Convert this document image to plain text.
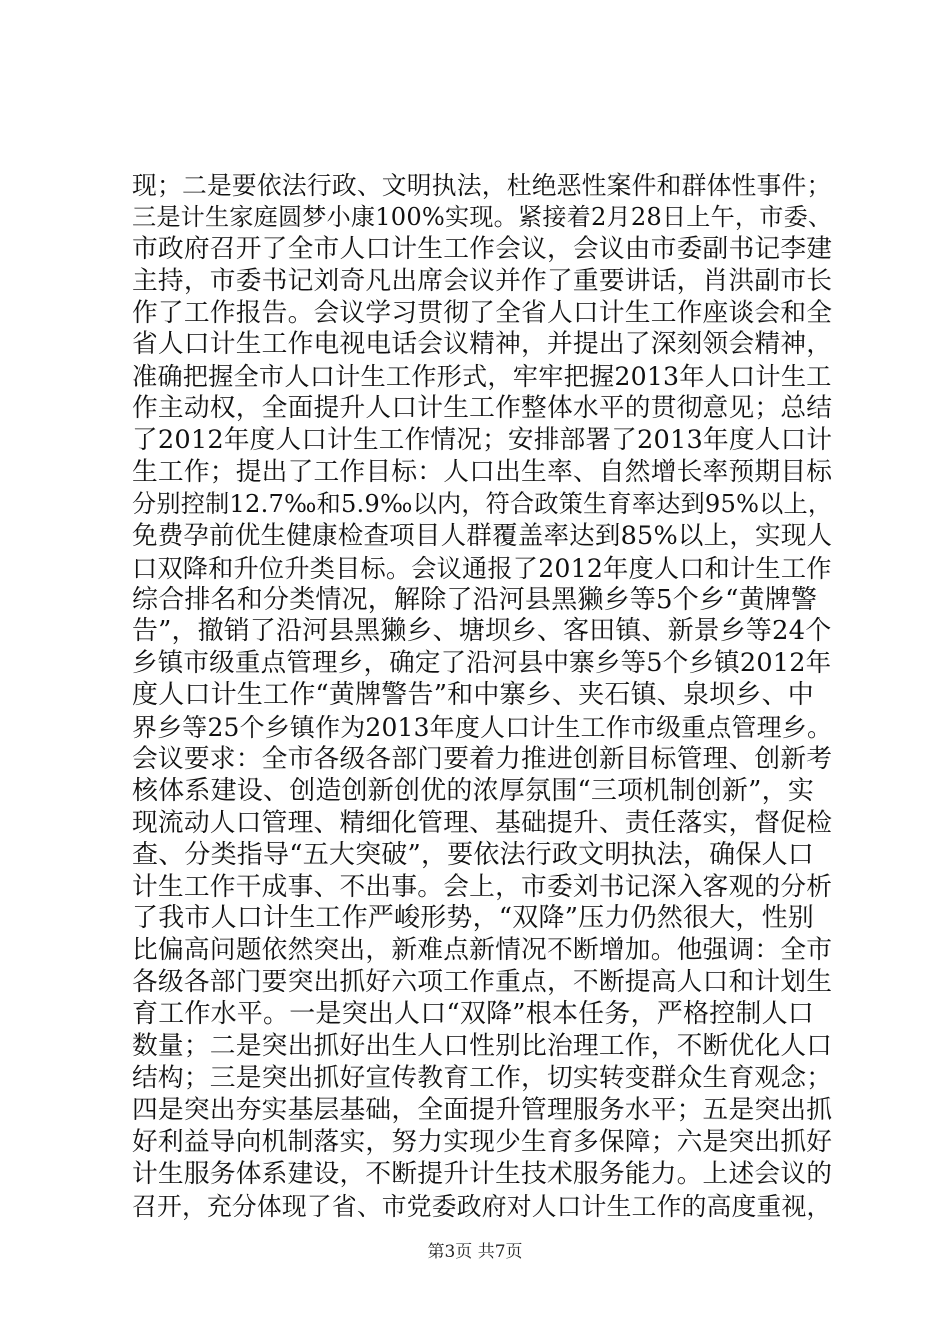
现；二是要依法行政、文明执法，杜绝恶性案件和群体性事件；
三是计生家庭圆梦小康100%实现。紧接着2月28日上午，市委、
市政府召开了全市人口计生工作会议，会议由市委副书记李建
主持，市委书记刘奇凡出席会议并作了重要讲话，肖洪副市长
作了工作报告。会议学习贯彻了全省人口计生工作座谈会和全
省人口计生工作电视电话会议精神，并提出了深刻领会精神，
准确把握全市人口计生工作形式，牢牢把握2013年人口计生工
作主动权，全面提升人口计生工作整体水平的贯彻意见；总结
了2012年度人口计生工作情况；安排部署了2013年度人口计
生工作；提出了工作目标：人口出生率、自然增长率预期目标
分别控制12.7‰和5.9‰以内，符合政策生育率达到95%以上，
免费孕前优生健康检查项目人群覆盖率达到85%以上，实现人
口双降和升位升类目标。会议通报了2012年度人口和计生工作
综合排名和分类情况，解除了沿河县黑獭乡等5个乡“黄牌警
告”，撤销了沿河县黑獭乡、塘坝乡、客田镇、新景乡等24个
乡镇市级重点管理乡，确定了沿河县中寨乡等5个乡镇2012年
度人口计生工作“黄牌警告”和中寨乡、夹石镇、泉坝乡、中
界乡等25个乡镇作为2013年度人口计生工作市级重点管理乡。
会议要求：全市各级各部门要着力推进创新目标管理、创新考
核体系建设、创造创新创优的浓厚氛围“三项机制创新”，实
现流动人口管理、精细化管理、基础提升、责任落实，督促检
查、分类指导“五大突破”，要依法行政文明执法，确保人口
计生工作干成事、不出事。会上，市委刘书记深入客观的分析
了我市人口计生工作严峻形势，“双降”压力仍然很大，性别
比偏高问题依然突出，新难点新情况不断增加。他强调：全市
各级各部门要突出抓好六项工作重点，不断提高人口和计划生
育工作水平。一是突出人口“双降”根本任务，严格控制人口
数量；二是突出抓好出生人口性别比治理工作，不断优化人口
结构；三是突出抓好宣传教育工作，切实转变群众生育观念；
四是突出夯实基层基础，全面提升管理服务水平；五是突出抓
好利益导向机制落实，努力实现少生育多保障；六是突出抓好
计生服务体系建设，不断提升计生技术服务能力。上述会议的
召开，充分体现了省、市党委政府对人口计生工作的高度重视，
第3页 共7页
